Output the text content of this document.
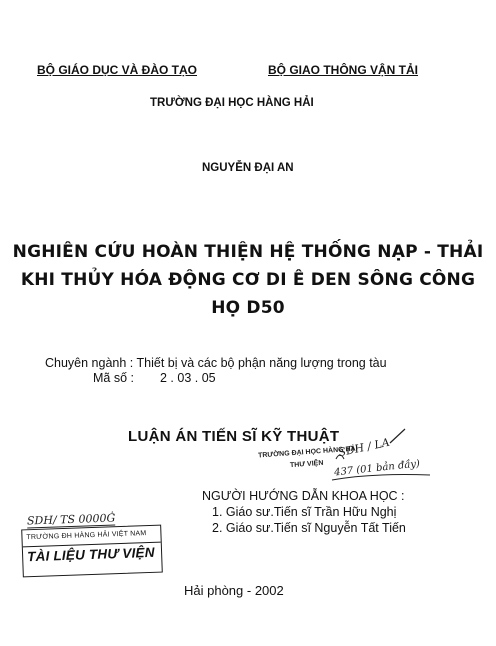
BỘ GIÁO DỤC VÀ ĐÀO TẠO	BỘ GIAO THÔNG VẬN TẢI
TRƯỜNG ĐẠI HỌC HÀNG HẢI
NGUYỄN ĐẠI AN
NGHIÊN CỨU HOÀN THIỆN HỆ THỐNG NẠP - THẢI
KHI THỦY HÓA ĐỘNG CƠ DI Ê DEN SÔNG CÔNG
HỌ D50
Chuyên ngành : Thiết bị và các bộ phận năng lượng trong tàu
Mã số : 2 . 03 . 05
LUẬN ÁN TIẾN SĨ KỸ THUẬT
TRƯỜNG ĐẠI HỌC HÀNG HẢI
THƯ VIỆN
SĐH / LA
437 (01 bản đầy)
NGƯỜI HƯỚNG DẪN KHOA HỌC :
1. Giáo sư.Tiến sĩ Trần Hữu Nghị
2. Giáo sư.Tiến sĩ Nguyễn Tất Tiến
SDH/ TS 0000Ġ
TRƯỜNG ĐH HÀNG HẢI VIỆT NAM
TÀI LIỆU THƯ VIỆN
Hải phòng - 2002
